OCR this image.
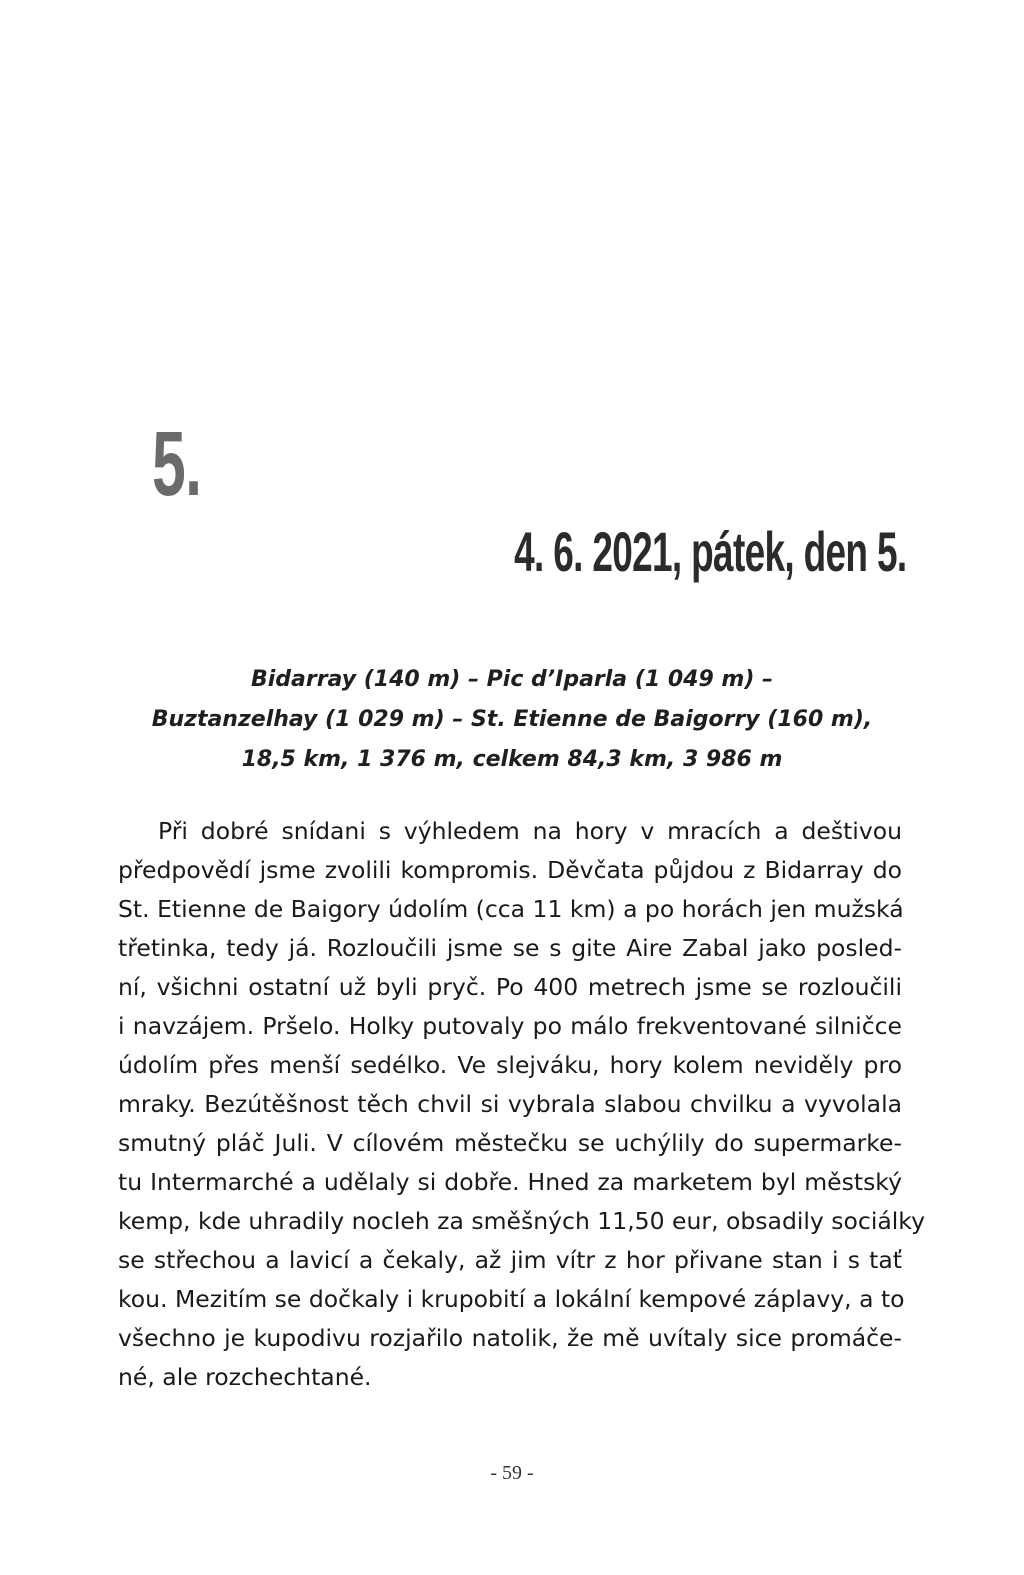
5.
4. 6. 2021, pátek, den 5.
Bidarray (140 m) – Pic d’Iparla (1 049 m) –
Buztanzelhay (1 029 m) – St. Etienne de Baigorry (160 m),
18,5 km, 1 376 m, celkem 84,3 km, 3 986 m
Při dobré snídani s výhledem na hory v mracích a deštivou
předpovědí jsme zvolili kompromis. Děvčata půjdou z Bidarray do
St. Etienne de Baigory údolím (cca 11 km) a po horách jen mužská
třetinka, tedy já. Rozloučili jsme se s gite Aire Zabal jako posled-
ní, všichni ostatní už byli pryč. Po 400 metrech jsme se rozloučili
i navzájem. Pršelo. Holky putovaly po málo frekventované silničce
údolím přes menší sedélko. Ve slejváku, hory kolem neviděly pro
mraky. Bezútěšnost těch chvil si vybrala slabou chvilku a vyvolala
smutný pláč Juli. V cílovém městečku se uchýlily do supermarke-
tu Intermarché a udělaly si dobře. Hned za marketem byl městský
kemp, kde uhradily nocleh za směšných 11,50 eur, obsadily sociálky
se střechou a lavicí a čekaly, až jim vítr z hor přivane stan i s tať
kou. Mezitím se dočkaly i krupobití a lokální kempové záplavy, a to
všechno je kupodivu rozjařilo natolik, že mě uvítaly sice promáče-
né, ale rozchechtané.
- 59 -
